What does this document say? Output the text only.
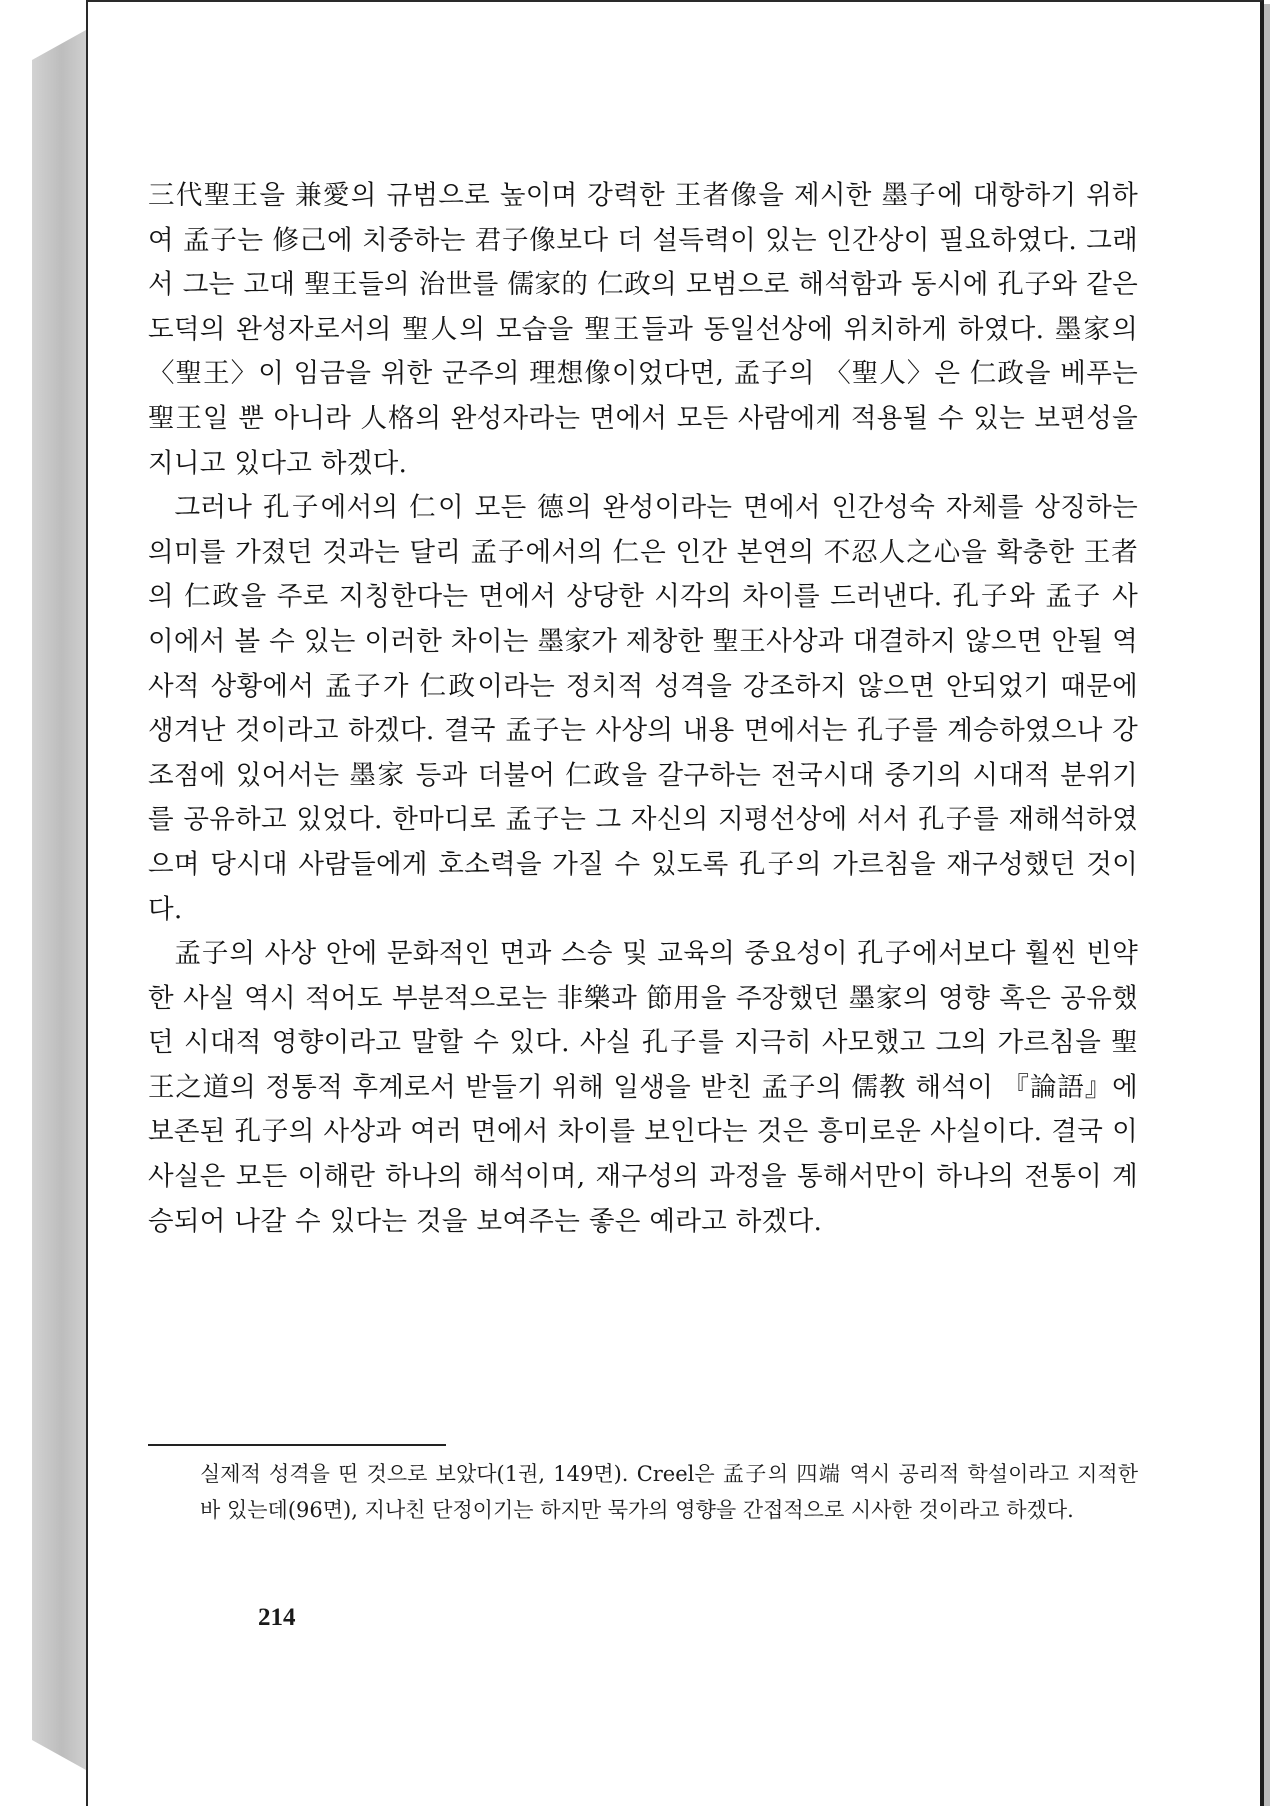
三代聖王을 兼愛의 규범으로 높이며 강력한 王者像을 제시한 墨子에 대항하기 위하여 孟子는 修己에 치중하는 君子像보다 더 설득력이 있는 인간상이 필요하였다. 그래서 그는 고대 聖王들의 治世를 儒家的 仁政의 모범으로 해석함과 동시에 孔子와 같은 도덕의 완성자로서의 聖人의 모습을 聖王들과 동일선상에 위치하게 하였다. 墨家의 〈聖王〉이 임금을 위한 군주의 理想像이었다면, 孟子의 〈聖人〉은 仁政을 베푸는 聖王일 뿐 아니라 人格의 완성자라는 면에서 모든 사람에게 적용될 수 있는 보편성을 지니고 있다고 하겠다.

그러나 孔子에서의 仁이 모든 德의 완성이라는 면에서 인간성숙 자체를 상징하는 의미를 가졌던 것과는 달리 孟子에서의 仁은 인간 본연의 不忍人之心을 확충한 王者의 仁政을 주로 지칭한다는 면에서 상당한 시각의 차이를 드러낸다. 孔子와 孟子 사이에서 볼 수 있는 이러한 차이는 墨家가 제창한 聖王사상과 대결하지 않으면 안될 역사적 상황에서 孟子가 仁政이라는 정치적 성격을 강조하지 않으면 안되었기 때문에 생겨난 것이라고 하겠다. 결국 孟子는 사상의 내용 면에서는 孔子를 계승하였으나 강조점에 있어서는 墨家 등과 더불어 仁政을 갈구하는 전국시대 중기의 시대적 분위기를 공유하고 있었다. 한마디로 孟子는 그 자신의 지평선상에 서서 孔子를 재해석하였으며 당시대 사람들에게 호소력을 가질 수 있도록 孔子의 가르침을 재구성했던 것이다.

孟子의 사상 안에 문화적인 면과 스승 및 교육의 중요성이 孔子에서보다 훨씬 빈약한 사실 역시 적어도 부분적으로는 非樂과 節用을 주장했던 墨家의 영향 혹은 공유했던 시대적 영향이라고 말할 수 있다. 사실 孔子를 지극히 사모했고 그의 가르침을 聖王之道의 정통적 후계로서 받들기 위해 일생을 받친 孟子의 儒教 해석이 『論語』에 보존된 孔子의 사상과 여러 면에서 차이를 보인다는 것은 흥미로운 사실이다. 결국 이 사실은 모든 이해란 하나의 해석이며, 재구성의 과정을 통해서만이 하나의 전통이 계승되어 나갈 수 있다는 것을 보여주는 좋은 예라고 하겠다.

실제적 성격을 띤 것으로 보았다(1권, 149면). Creel은 孟子의 四端 역시 공리적 학설이라고 지적한 바 있는데(96면), 지나친 단정이기는 하지만 묵가의 영향을 간접적으로 시사한 것이라고 하겠다.

214
